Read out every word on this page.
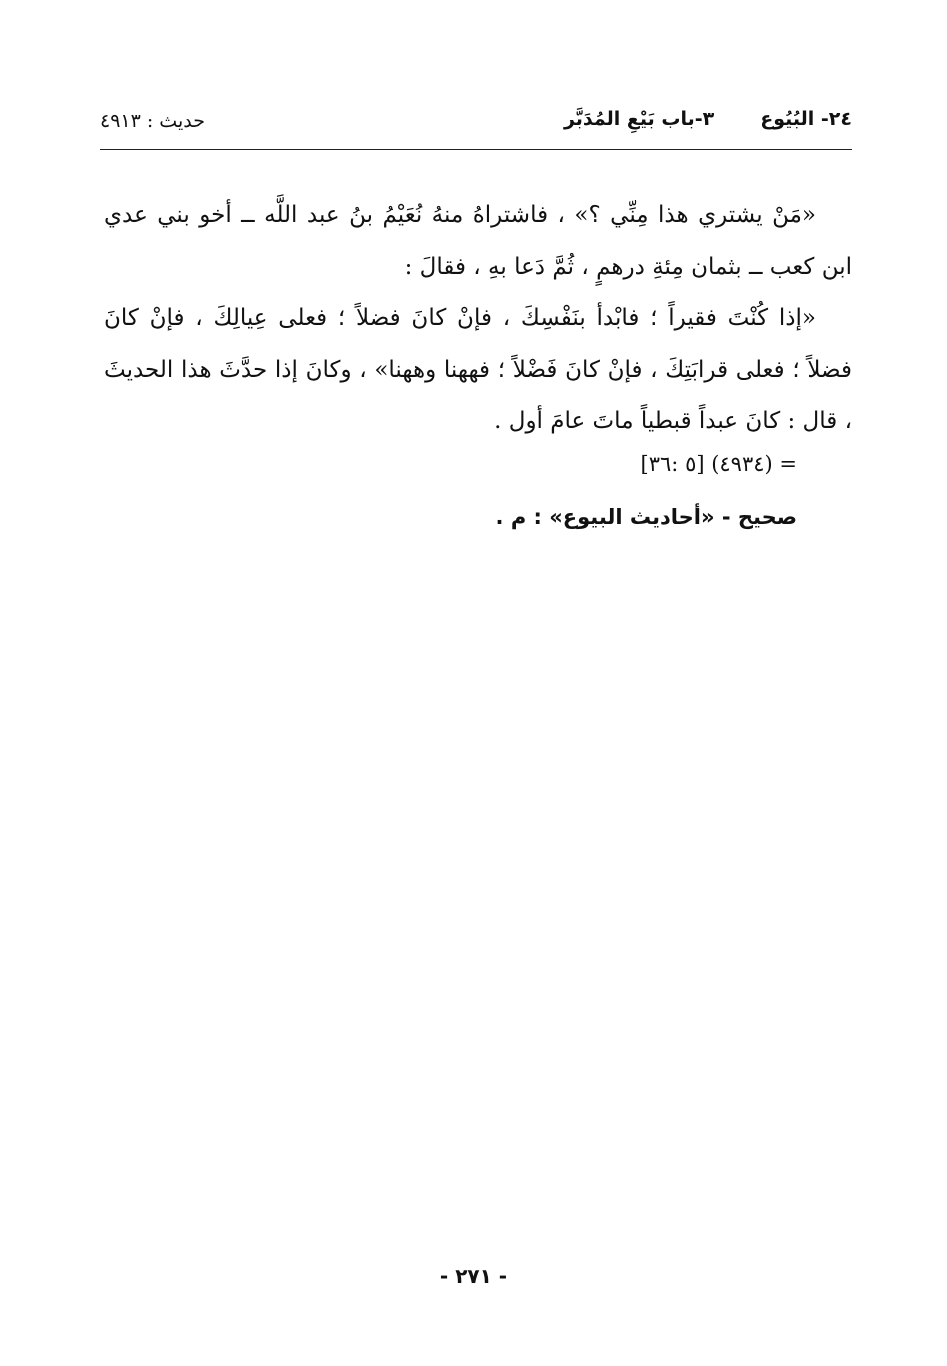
٢٤- البُيُوع٣-باب بَيْعِ المُدَبَّر
حديث : ٤٩١٣

«مَنْ يشتري هذا مِنِّي ؟» ، فاشتراهُ منهُ نُعَيْمُ بنُ عبد اللَّه ــ أخو بني عدي ابن كعب ــ بثمان مِئةِ درهمٍ ، ثُمَّ دَعا بهِ ، فقالَ :

«إذا كُنْتَ فقيراً ؛ فابْدأ بنَفْسِكَ ، فإنْ كانَ فضلاً ؛ فعلى عِيالِكَ ، فإنْ كانَ فضلاً ؛ فعلى قرابَتِكَ ، فإنْ كانَ فَضْلاً ؛ فههنا وههنا» ، وكانَ إذا حدَّثَ هذا الحديثَ ، قال : كانَ عبداً قبطياً ماتَ عامَ أول .

= (٤٩٣٤) [٥ :٣٦]
صحيح - «أحاديث البيوع» : م .
- ٢٧١ -
